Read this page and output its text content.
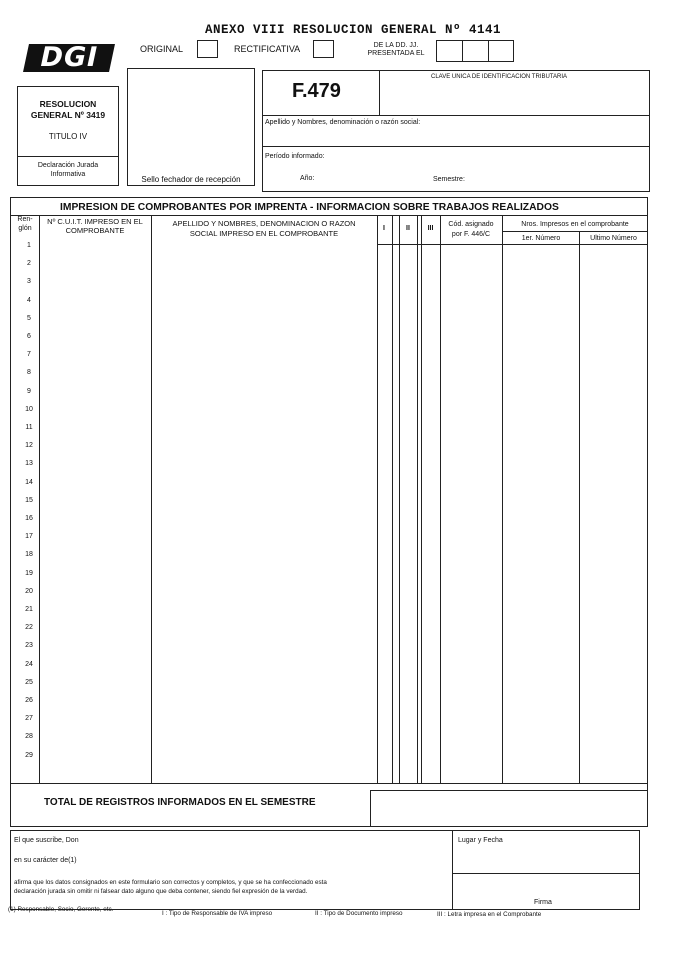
ANEXO VIII RESOLUCION GENERAL Nº 4141
DGI	ORIGINAL	RECTIFICATIVA	DE LA DD. JJ.
PRESENTADA EL
RESOLUCION
GENERAL Nº 3419
TITULO IV
Declaración Jurada
Informativa
Sello fechador de recepción
F.479
CLAVE UNICA DE IDENTIFICACION TRIBUTARIA
Apellido y Nombres, denominación o razón social:
Período informado:
Año:	Semestre:
IMPRESION DE COMPROBANTES POR IMPRENTA - INFORMACION SOBRE TRABAJOS REALIZADOS
Ren-
glón
Nº C.U.I.T. IMPRESO EN EL
COMPROBANTE
APELLIDO Y NOMBRES, DENOMINACION O RAZON
SOCIAL IMPRESO EN EL COMPROBANTE
I	II	III
Cód. asignado
por F. 446/C
Nros. Impresos en el comprobante
1er. Número	Ultimo Número
1
2
3
4
5
6
7
8
9
10
11
12
13
14
15
16
17
18
19
20
21
22
23
24
25
26
27
28
29
TOTAL DE REGISTROS INFORMADOS EN EL SEMESTRE
El que suscribe, Don
en su carácter de(1)
afirma que los datos consignados en este formulario son correctos y completos, y que se ha confeccionado esta
declaración jurada sin omitir ni falsear dato alguno que deba contener, siendo fiel expresión de la verdad.
Lugar y Fecha
Firma
(1) Responsable, Socio, Gerente, etc.
I : Tipo de Responsable de IVA impreso	II : Tipo de Documento impreso	III : Letra impresa en el Comprobante
